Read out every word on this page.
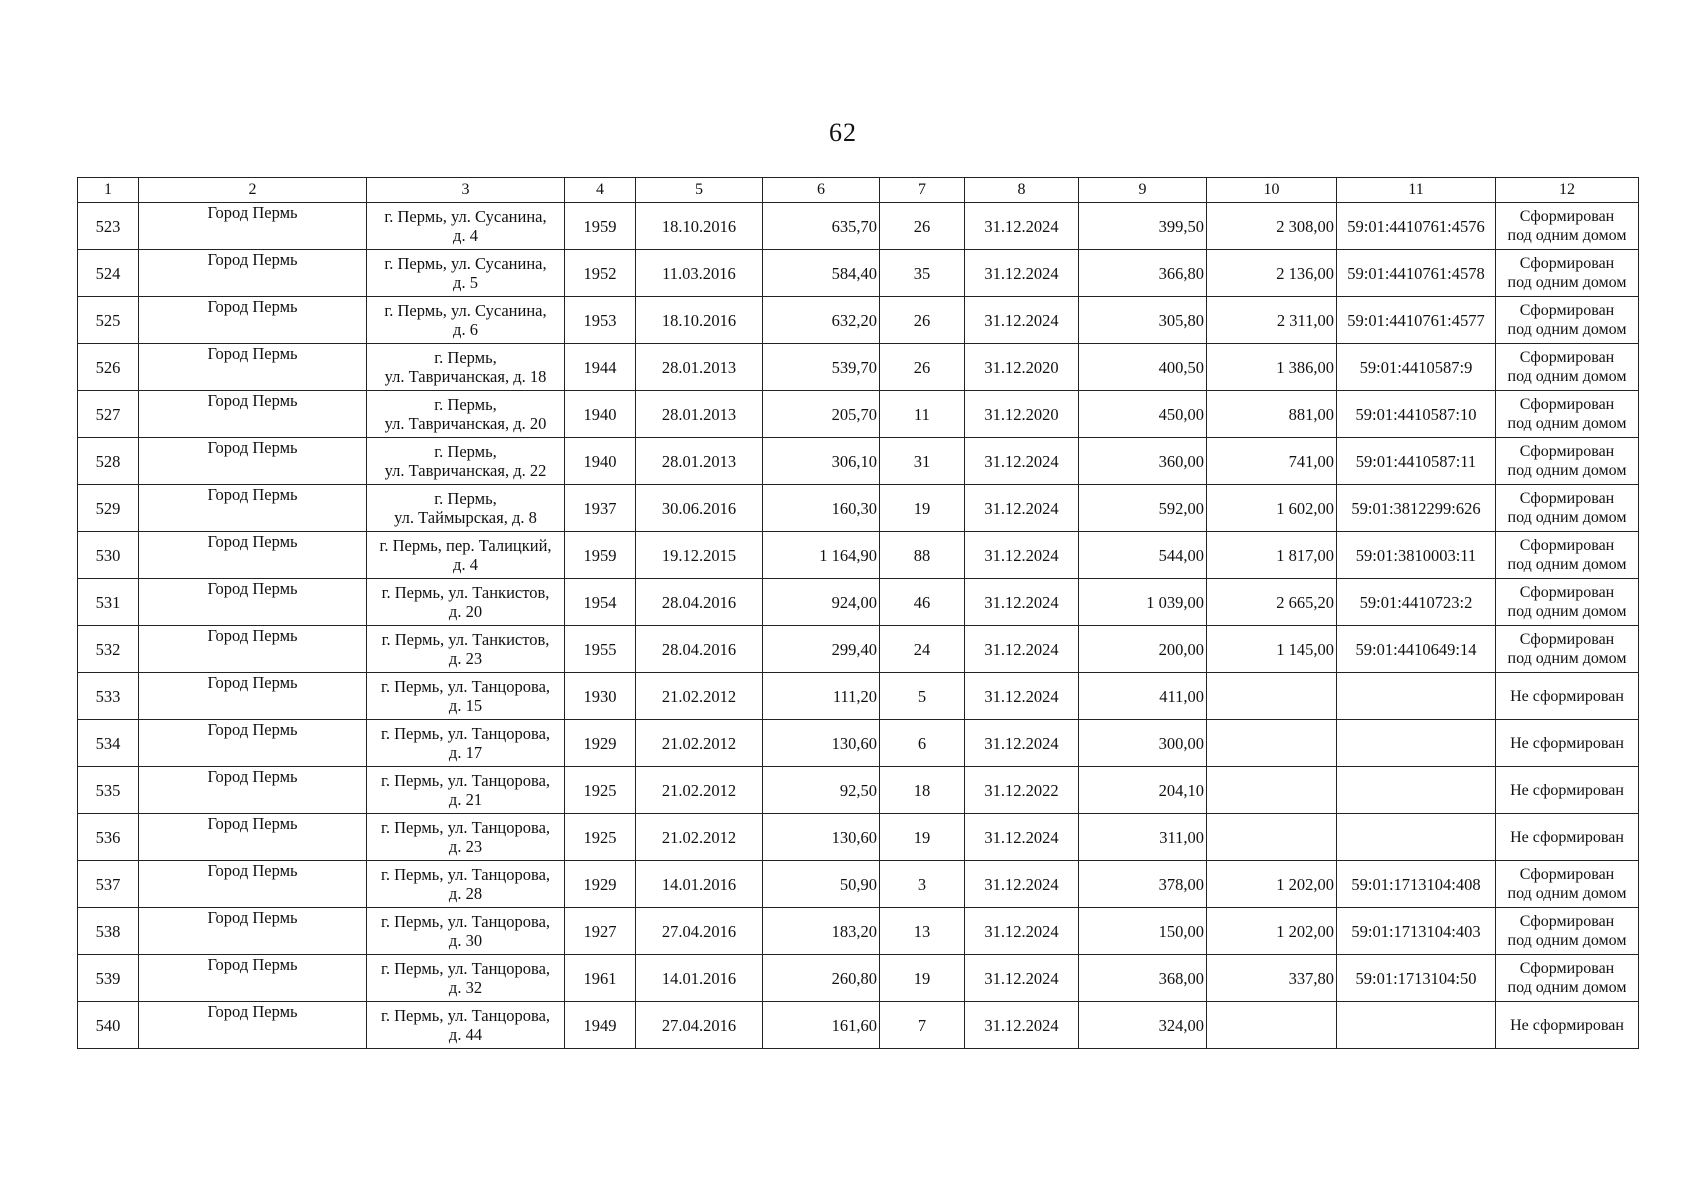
62
1	2	3	4	5	6	7	8	9	10	11	12
523	Город Пермь	г. Пермь, ул. Сусанина,
д. 4	1959	18.10.2016	635,70	26	31.12.2024	399,50	2 308,00	59:01:4410761:4576	Сформирован
под одним домом
524	Город Пермь	г. Пермь, ул. Сусанина,
д. 5	1952	11.03.2016	584,40	35	31.12.2024	366,80	2 136,00	59:01:4410761:4578	Сформирован
под одним домом
525	Город Пермь	г. Пермь, ул. Сусанина,
д. 6	1953	18.10.2016	632,20	26	31.12.2024	305,80	2 311,00	59:01:4410761:4577	Сформирован
под одним домом
526	Город Пермь	г. Пермь,
ул. Тавричанская, д. 18	1944	28.01.2013	539,70	26	31.12.2020	400,50	1 386,00	59:01:4410587:9	Сформирован
под одним домом
527	Город Пермь	г. Пермь,
ул. Тавричанская, д. 20	1940	28.01.2013	205,70	11	31.12.2020	450,00	881,00	59:01:4410587:10	Сформирован
под одним домом
528	Город Пермь	г. Пермь,
ул. Тавричанская, д. 22	1940	28.01.2013	306,10	31	31.12.2024	360,00	741,00	59:01:4410587:11	Сформирован
под одним домом
529	Город Пермь	г. Пермь,
ул. Таймырская, д. 8	1937	30.06.2016	160,30	19	31.12.2024	592,00	1 602,00	59:01:3812299:626	Сформирован
под одним домом
530	Город Пермь	г. Пермь, пер. Талицкий,
д. 4	1959	19.12.2015	1 164,90	88	31.12.2024	544,00	1 817,00	59:01:3810003:11	Сформирован
под одним домом
531	Город Пермь	г. Пермь, ул. Танкистов,
д. 20	1954	28.04.2016	924,00	46	31.12.2024	1 039,00	2 665,20	59:01:4410723:2	Сформирован
под одним домом
532	Город Пермь	г. Пермь, ул. Танкистов,
д. 23	1955	28.04.2016	299,40	24	31.12.2024	200,00	1 145,00	59:01:4410649:14	Сформирован
под одним домом
533	Город Пермь	г. Пермь, ул. Танцорова,
д. 15	1930	21.02.2012	111,20	5	31.12.2024	411,00			Не сформирован

534	Город Пермь	г. Пермь, ул. Танцорова,
д. 17	1929	21.02.2012	130,60	6	31.12.2024	300,00			Не сформирован

535	Город Пермь	г. Пермь, ул. Танцорова,
д. 21	1925	21.02.2012	92,50	18	31.12.2022	204,10			Не сформирован

536	Город Пермь	г. Пермь, ул. Танцорова,
д. 23	1925	21.02.2012	130,60	19	31.12.2024	311,00			Не сформирован

537	Город Пермь	г. Пермь, ул. Танцорова,
д. 28	1929	14.01.2016	50,90	3	31.12.2024	378,00	1 202,00	59:01:1713104:408	Сформирован
под одним домом
538	Город Пермь	г. Пермь, ул. Танцорова,
д. 30	1927	27.04.2016	183,20	13	31.12.2024	150,00	1 202,00	59:01:1713104:403	Сформирован
под одним домом
539	Город Пермь	г. Пермь, ул. Танцорова,
д. 32	1961	14.01.2016	260,80	19	31.12.2024	368,00	337,80	59:01:1713104:50	Сформирован
под одним домом
540	Город Пермь	г. Пермь, ул. Танцорова,
д. 44	1949	27.04.2016	161,60	7	31.12.2024	324,00			Не сформирован
